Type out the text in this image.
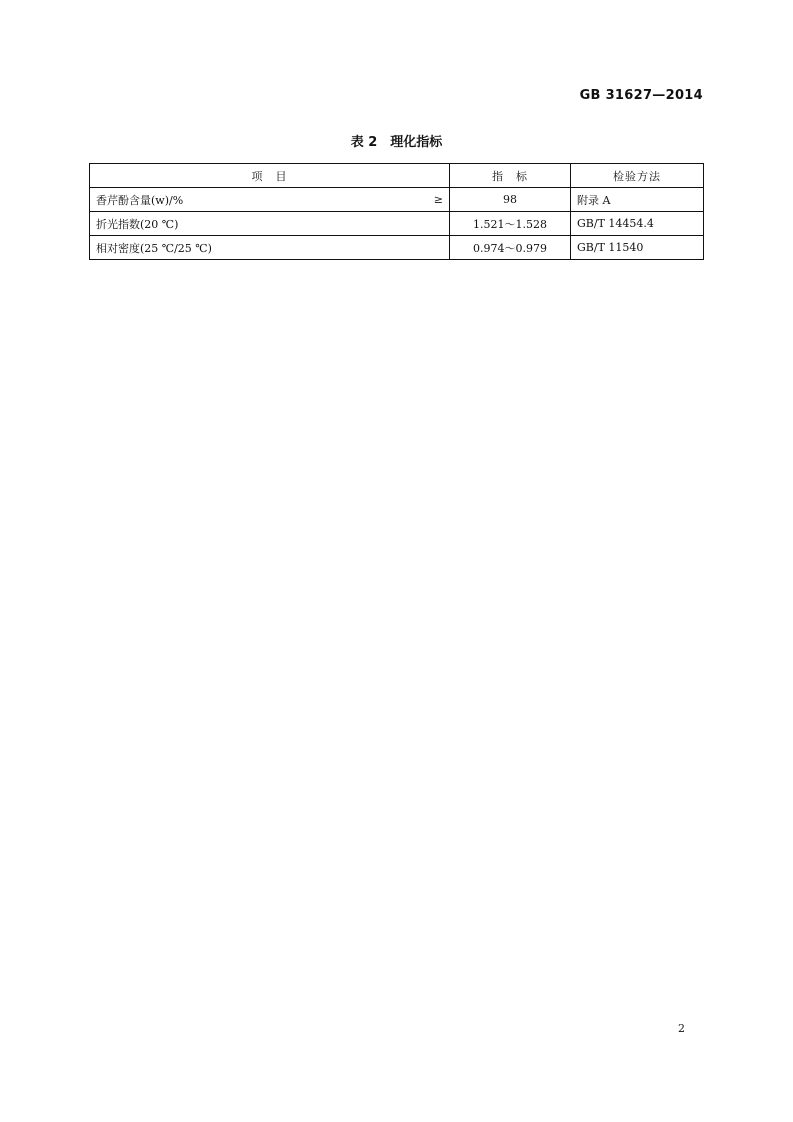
GB 31627—2014
表 2　理化指标
项　目	指　标	检验方法

香芹酚含量(w)/% ≥	98	附录 A

折光指数(20 ℃)	1.521～1.528	GB/T 14454.4

相对密度(25 ℃/25 ℃)	0.974～0.979	GB/T 11540
2
